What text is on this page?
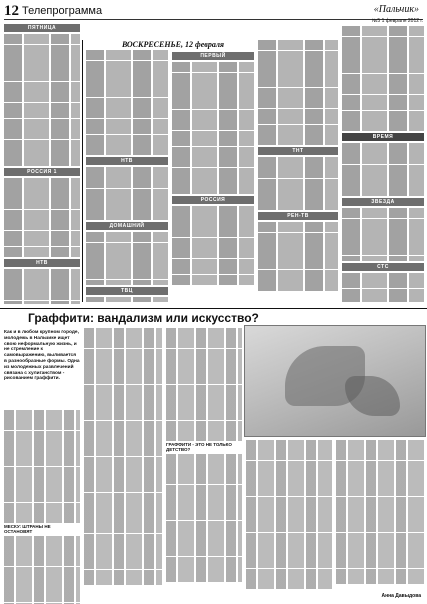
12 Телепрограмма	«Пальчик»
№5 1 февраля 2012 г.
ПЯТНИЦА
РОССИЯ 1
НТВ
ВОСКРЕСЕНЬЕ, 12 февраля
НТВ
ДОМАШНИЙ
ТВЦ
ПЕРВЫЙ
РОССИЯ
ТНТ
РЕН-ТВ
ВРЕМЯ
ЗВЕЗДА
СТС
Граффити: вандализм или искусство?
Как и в любом крупном городе, молодежь в Нальчике ищет свою неформальную жизнь, и не стремление к самовыражению, выливается в разнообразные формы. Одна из молодежных развлечений связана с хулиганством - рисованием граффити.
МЕСКУ: ШТРАНЫ НЕ ОСТАНОВЯТ
ГРАФФИТИ - ЭТО НЕ ТОЛЬКО ДЕТСТВО?
Анна Давыдова
